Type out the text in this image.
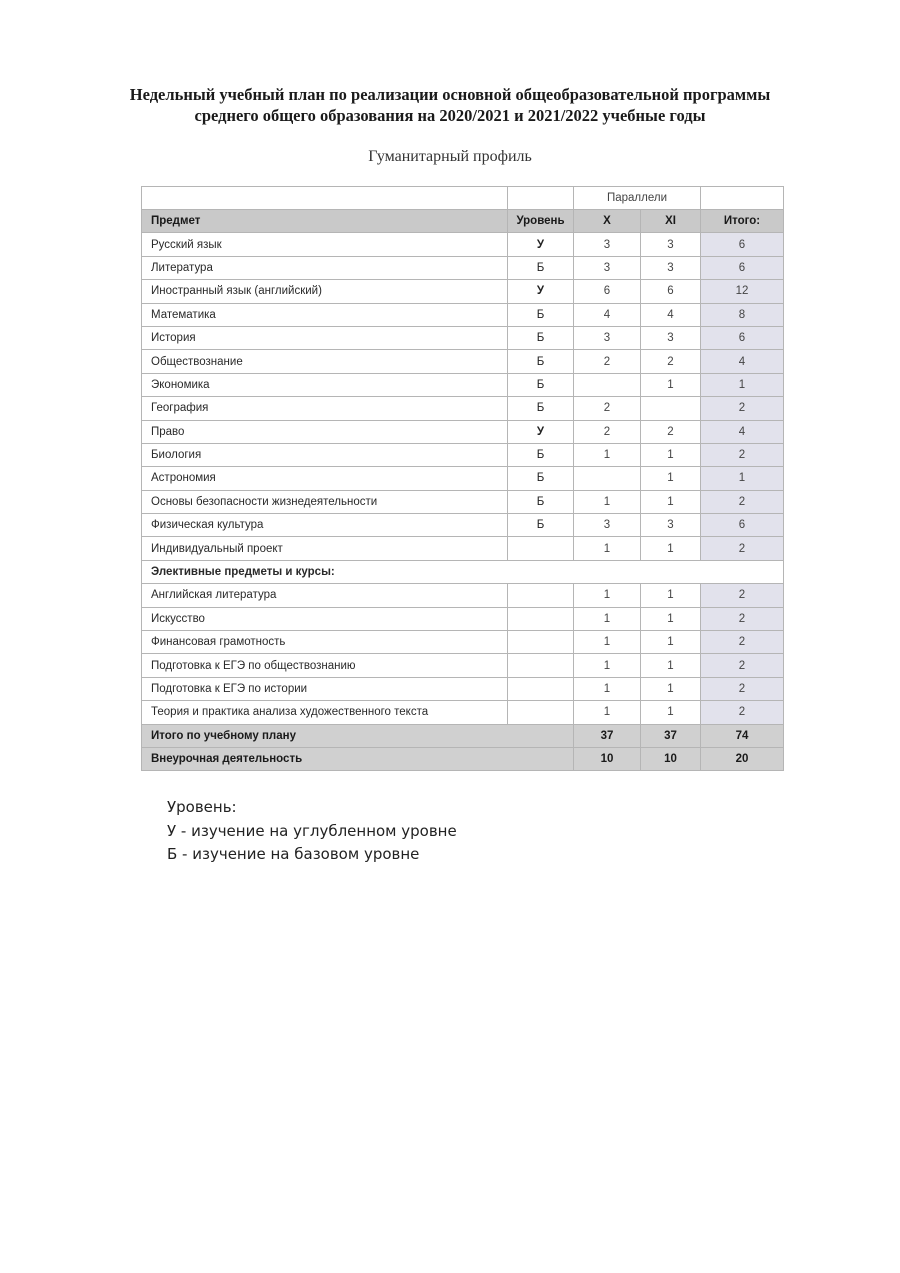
Недельный учебный план по реализации основной общеобразовательной программы
среднего общего образования на 2020/2021 и 2021/2022 учебные годы
Гуманитарный профиль
		Параллели		
Предмет	Уровень	X	XI	Итого:
Русский язык	У	3	3	6
Литература	Б	3	3	6
Иностранный язык (английский)	У	6	6	12
Математика	Б	4	4	8
История	Б	3	3	6
Обществознание	Б	2	2	4
Экономика	Б		1	1
География	Б	2		2
Право	У	2	2	4
Биология	Б	1	1	2
Астрономия	Б		1	1
Основы безопасности жизнедеятельности	Б	1	1	2
Физическая культура	Б	3	3	6
Индивидуальный проект		1	1	2
Элективные предметы и курсы:				
Английская литература		1	1	2
Искусство		1	1	2
Финансовая грамотность		1	1	2
Подготовка к ЕГЭ по обществознанию		1	1	2
Подготовка к ЕГЭ по истории		1	1	2
Теория и практика анализа художественного текста		1	1	2
Итого по учебному плану		37	37	74
Внеурочная деятельность		10	10	20
Уровень:
У - изучение на углубленном уровне
Б - изучение на базовом уровне
